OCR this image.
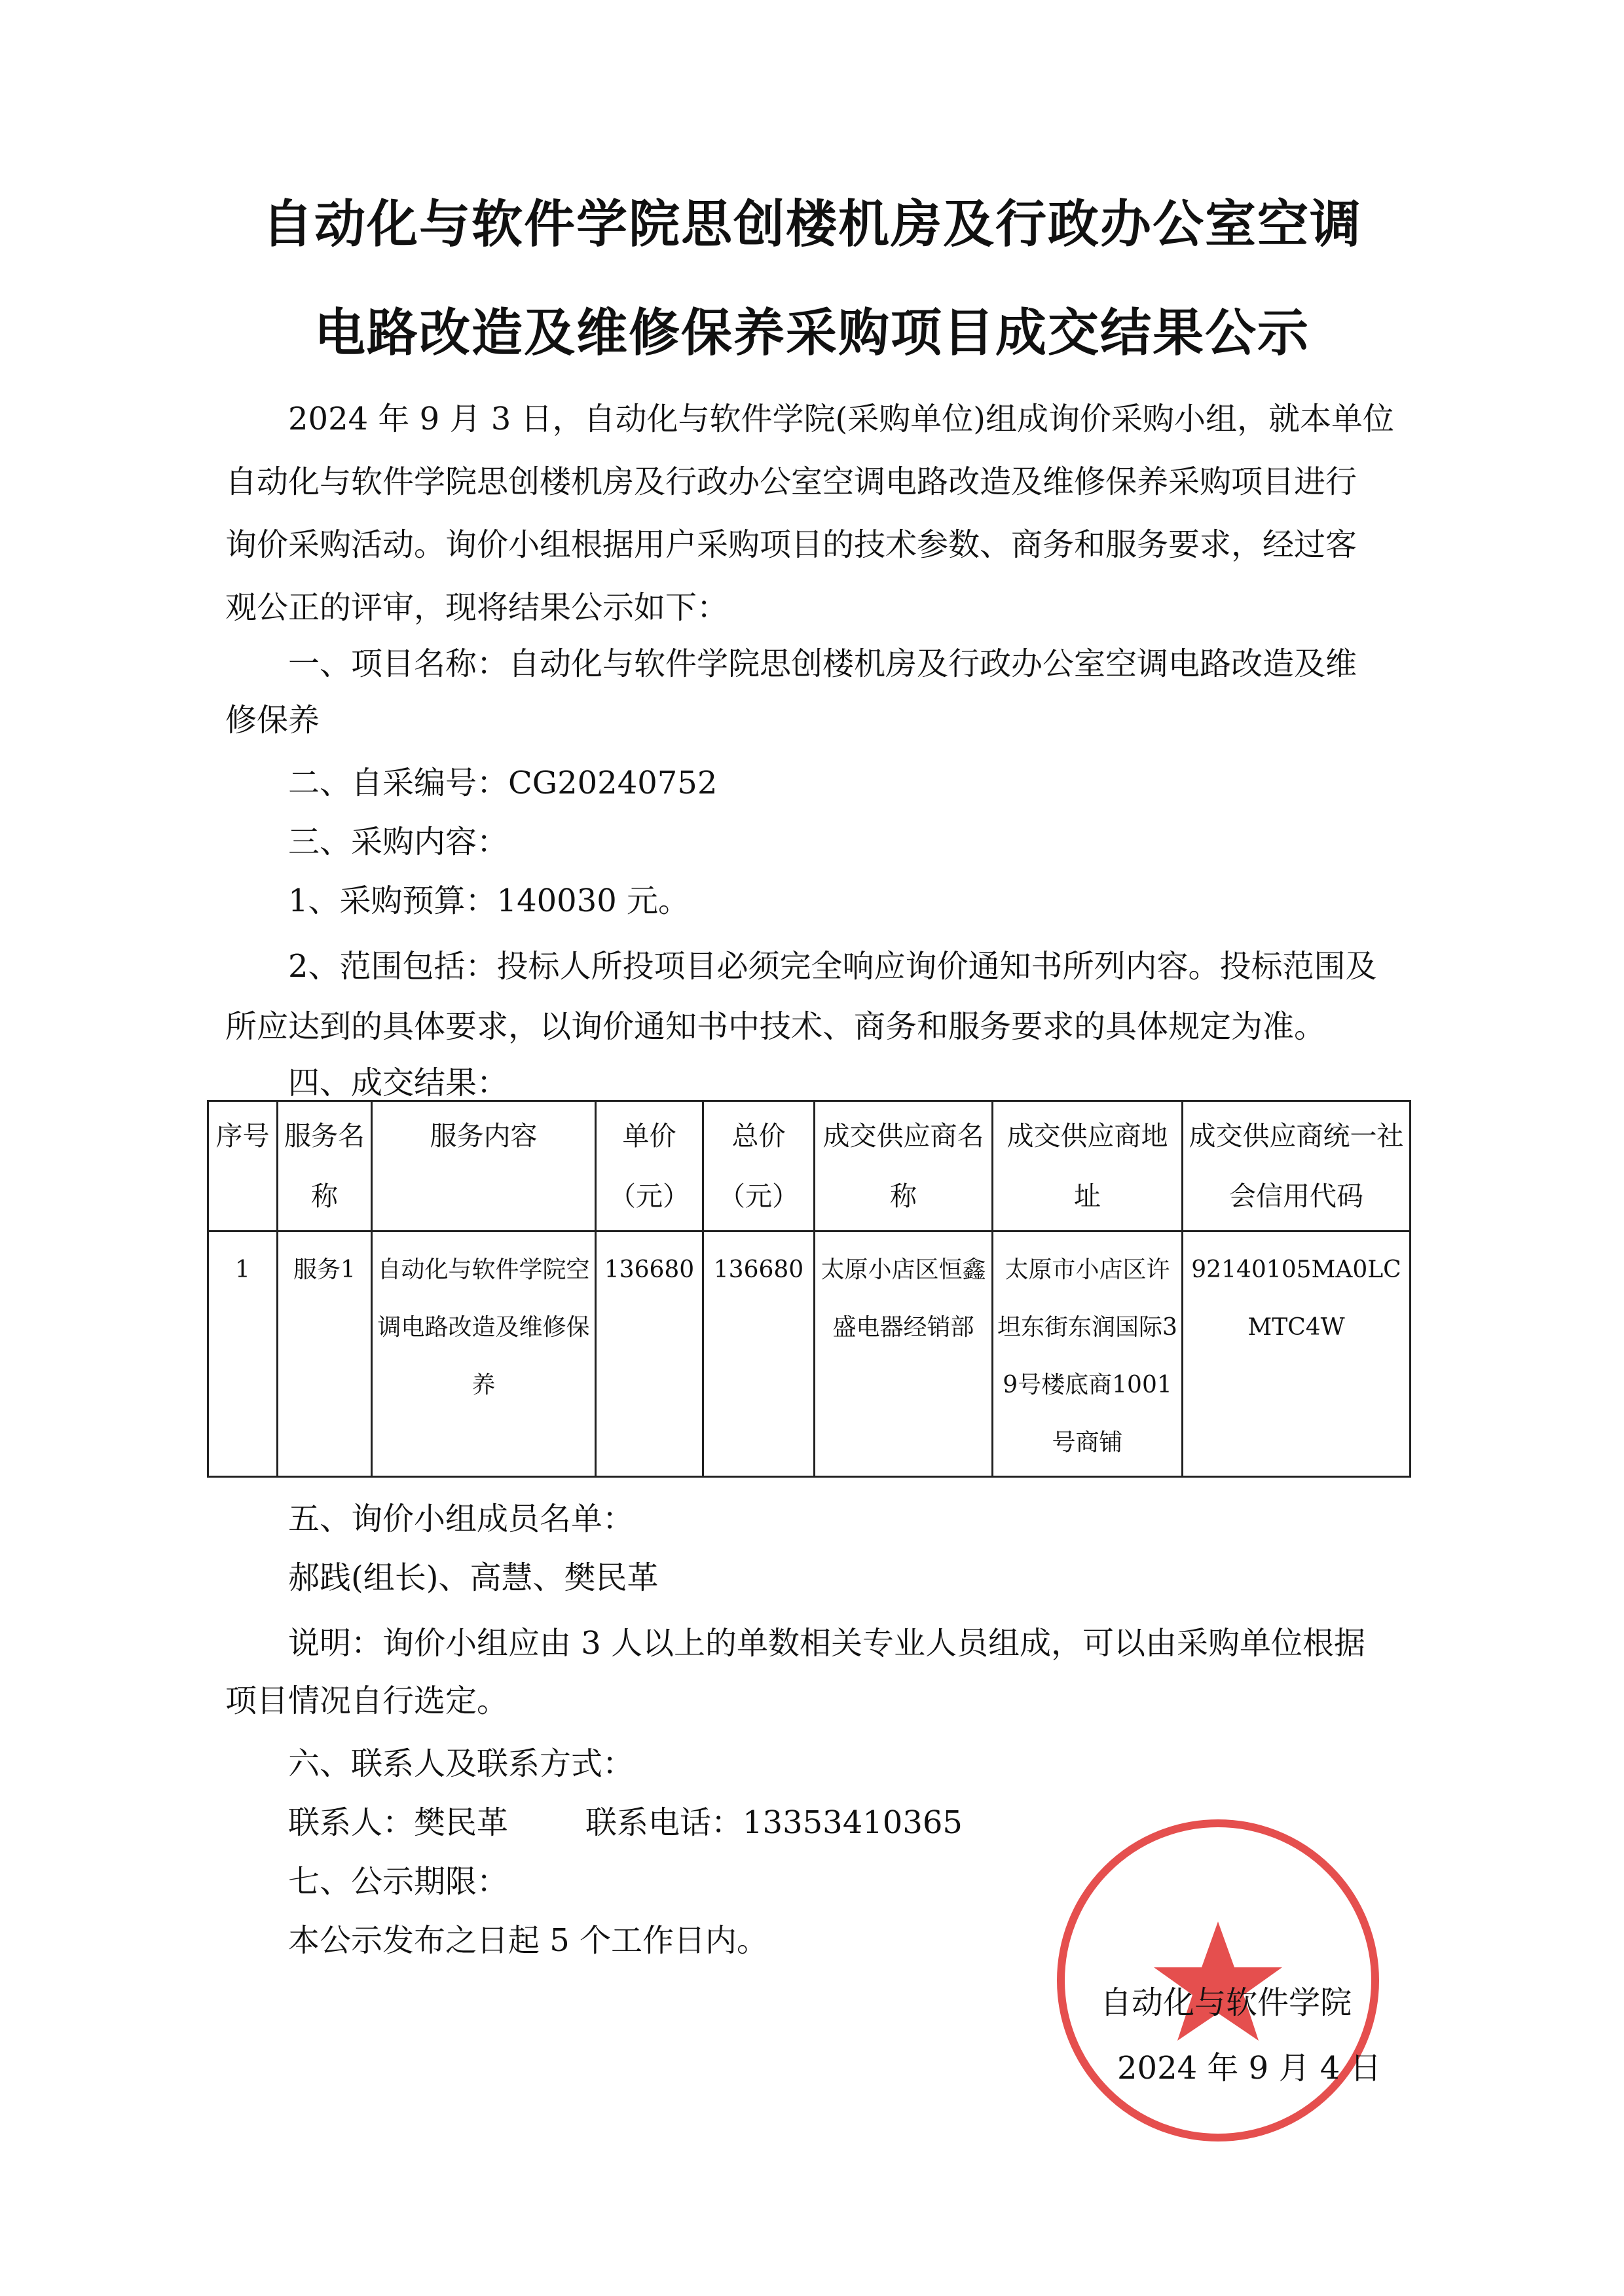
自动化与软件学院思创楼机房及行政办公室空调
电路改造及维修保养采购项目成交结果公示
2024 年 9 月 3 日，自动化与软件学院(采购单位)组成询价采购小组，就本单位
自动化与软件学院思创楼机房及行政办公室空调电路改造及维修保养采购项目进行
询价采购活动。询价小组根据用户采购项目的技术参数、商务和服务要求，经过客
观公正的评审，现将结果公示如下：
一、项目名称：自动化与软件学院思创楼机房及行政办公室空调电路改造及维
修保养
二、自采编号：CG20240752
三、采购内容：
1、采购预算：140030 元。
2、范围包括：投标人所投项目必须完全响应询价通知书所列内容。投标范围及
所应达到的具体要求，以询价通知书中技术、商务和服务要求的具体规定为准。
四、成交结果：
序号	服务名称	服务内容	单价（元）	总价（元）	成交供应商名称	成交供应商地址	成交供应商统一社会信用代码
1	服务1	自动化与软件学院空调电路改造及维修保养	136680	136680	太原小店区恒鑫盛电器经销部	太原市小店区许坦东街东润国际39号楼底商1001号商铺	92140105MA0LCMTC4W
五、询价小组成员名单：
郝践(组长)、高慧、樊民革
说明：询价小组应由 3 人以上的单数相关专业人员组成，可以由采购单位根据
项目情况自行选定。
六、联系人及联系方式：
联系人：樊民革 联系电话：13353410365
七、公示期限：
本公示发布之日起 5 个工作日内。
自动化与软件学院
2024 年 9 月 4 日
